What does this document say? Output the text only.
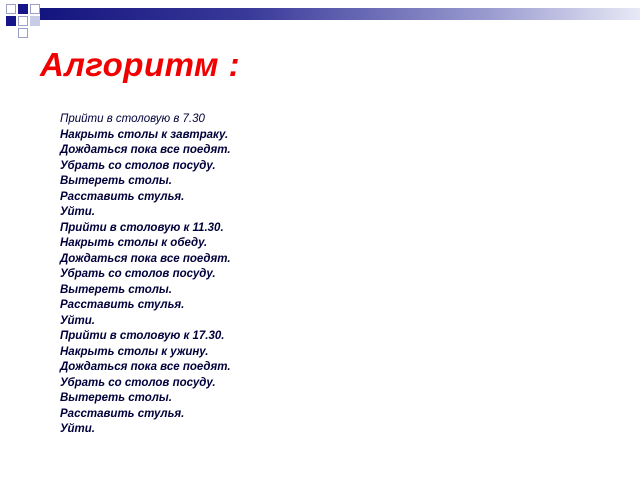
Алгоритм :
Прийти в столовую в 7.30
Накрыть столы к завтраку.
Дождаться пока все поедят.
Убрать со столов посуду.
Вытереть столы.
Расставить стулья.
Уйти.
Прийти в столовую к 11.30.
Накрыть столы к обеду.
Дождаться пока все поедят.
Убрать со столов посуду.
Вытереть столы.
Расставить стулья.
Уйти.
Прийти в столовую к 17.30.
Накрыть столы к ужину.
Дождаться пока все поедят.
Убрать со столов посуду.
Вытереть столы.
Расставить стулья.
Уйти.
